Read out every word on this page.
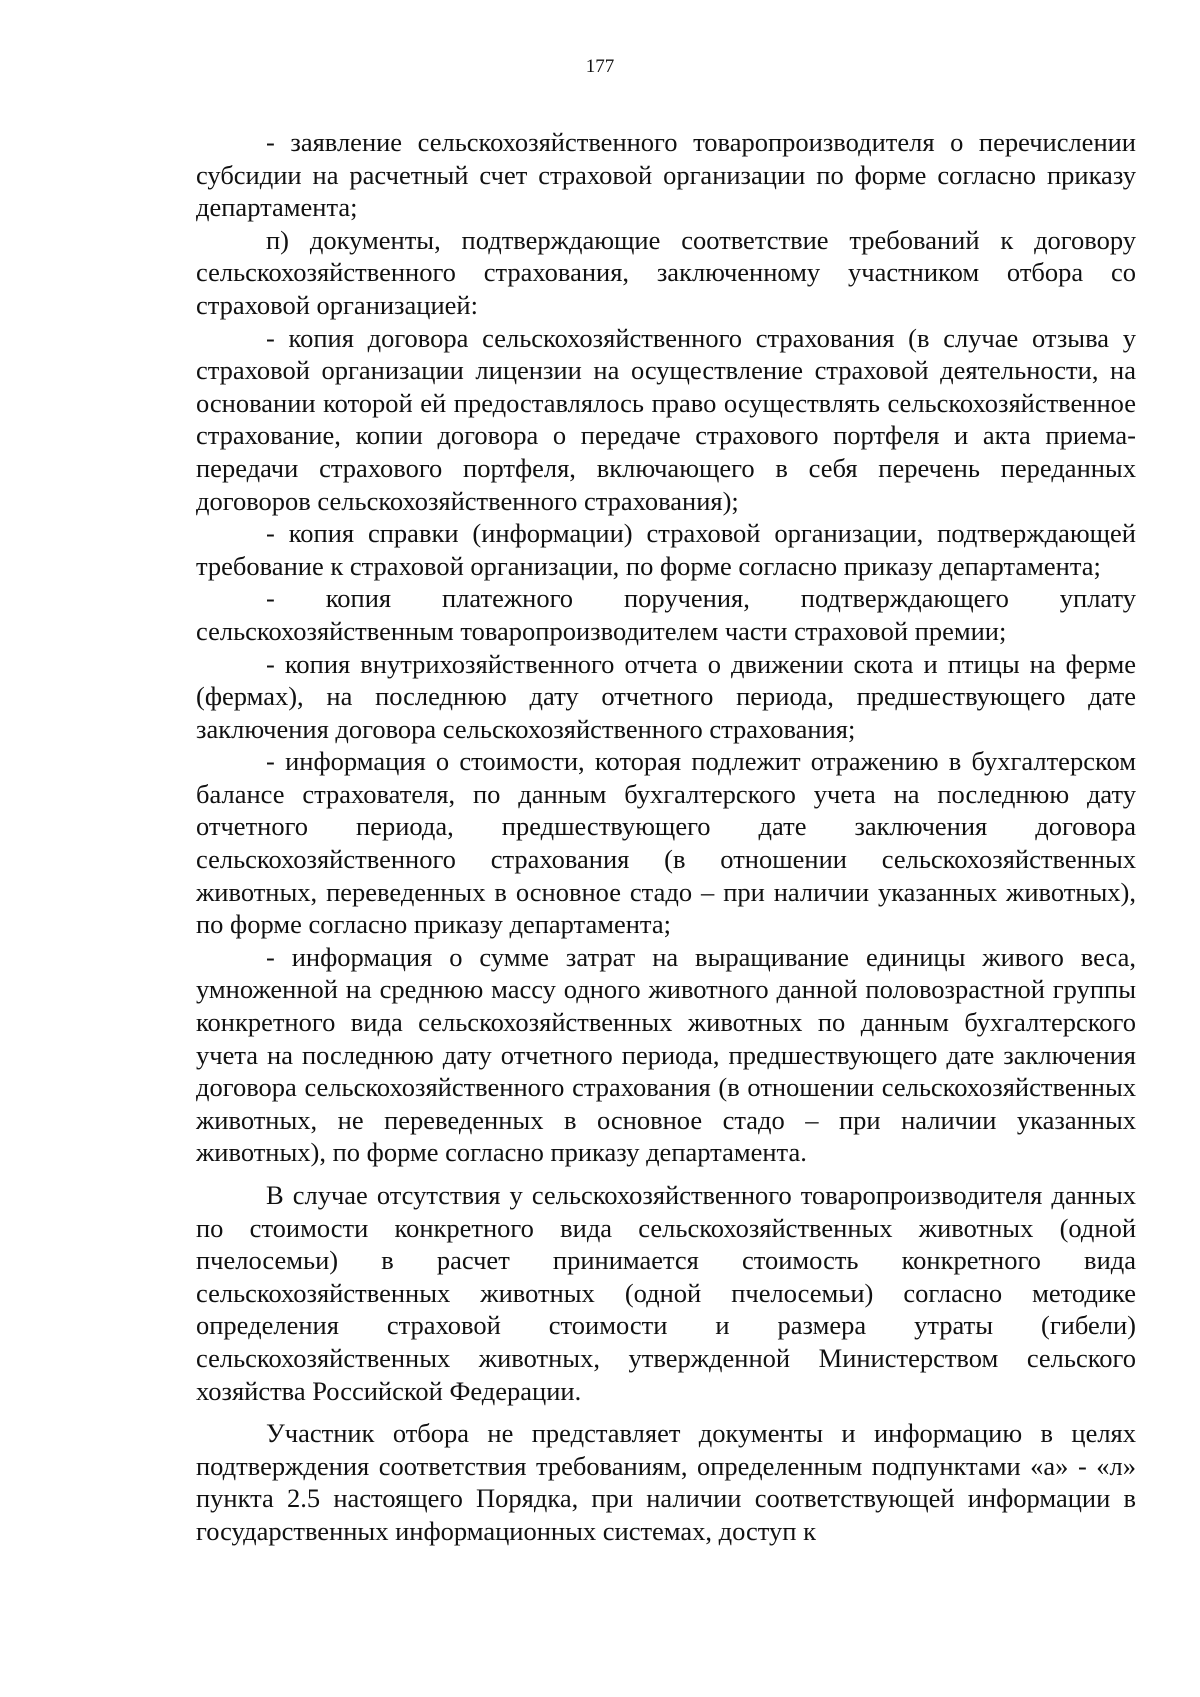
177

- заявление сельскохозяйственного товаропроизводителя о перечислении субсидии на расчетный счет страховой организации по форме согласно приказу департамента;

п) документы, подтверждающие соответствие требований к договору сельскохозяйственного страхования, заключенному участником отбора со страховой организацией:

- копия договора сельскохозяйственного страхования (в случае отзыва у страховой организации лицензии на осуществление страховой деятельности, на основании которой ей предоставлялось право осуществлять сельскохозяйственное страхование, копии договора о передаче страхового портфеля и акта приема-передачи страхового портфеля, включающего в себя перечень переданных договоров сельскохозяйственного страхования);

- копия справки (информации) страховой организации, подтверждающей требование к страховой организации, по форме согласно приказу департамента;

- копия платежного поручения, подтверждающего уплату сельскохозяйственным товаропроизводителем части страховой премии;

- копия внутрихозяйственного отчета о движении скота и птицы на ферме (фермах), на последнюю дату отчетного периода, предшествующего дате заключения договора сельскохозяйственного страхования;

- информация о стоимости, которая подлежит отражению в бухгалтерском балансе страхователя, по данным бухгалтерского учета на последнюю дату отчетного периода, предшествующего дате заключения договора сельскохозяйственного страхования (в отношении сельскохозяйственных животных, переведенных в основное стадо – при наличии указанных животных), по форме согласно приказу департамента;

- информация о сумме затрат на выращивание единицы живого веса, умноженной на среднюю массу одного животного данной половозрастной группы конкретного вида сельскохозяйственных животных по данным бухгалтерского учета на последнюю дату отчетного периода, предшествующего дате заключения договора сельскохозяйственного страхования (в отношении сельскохозяйственных животных, не переведенных в основное стадо – при наличии указанных животных), по форме согласно приказу департамента.

В случае отсутствия у сельскохозяйственного товаропроизводителя данных по стоимости конкретного вида сельскохозяйственных животных (одной пчелосемьи) в расчет принимается стоимость конкретного вида сельскохозяйственных животных (одной пчелосемьи) согласно методике определения страховой стоимости и размера утраты (гибели) сельскохозяйственных животных, утвержденной Министерством сельского хозяйства Российской Федерации.

Участник отбора не представляет документы и информацию в целях подтверждения соответствия требованиям, определенным подпунктами «а» - «л» пункта 2.5 настоящего Порядка, при наличии соответствующей информации в государственных информационных системах, доступ к
